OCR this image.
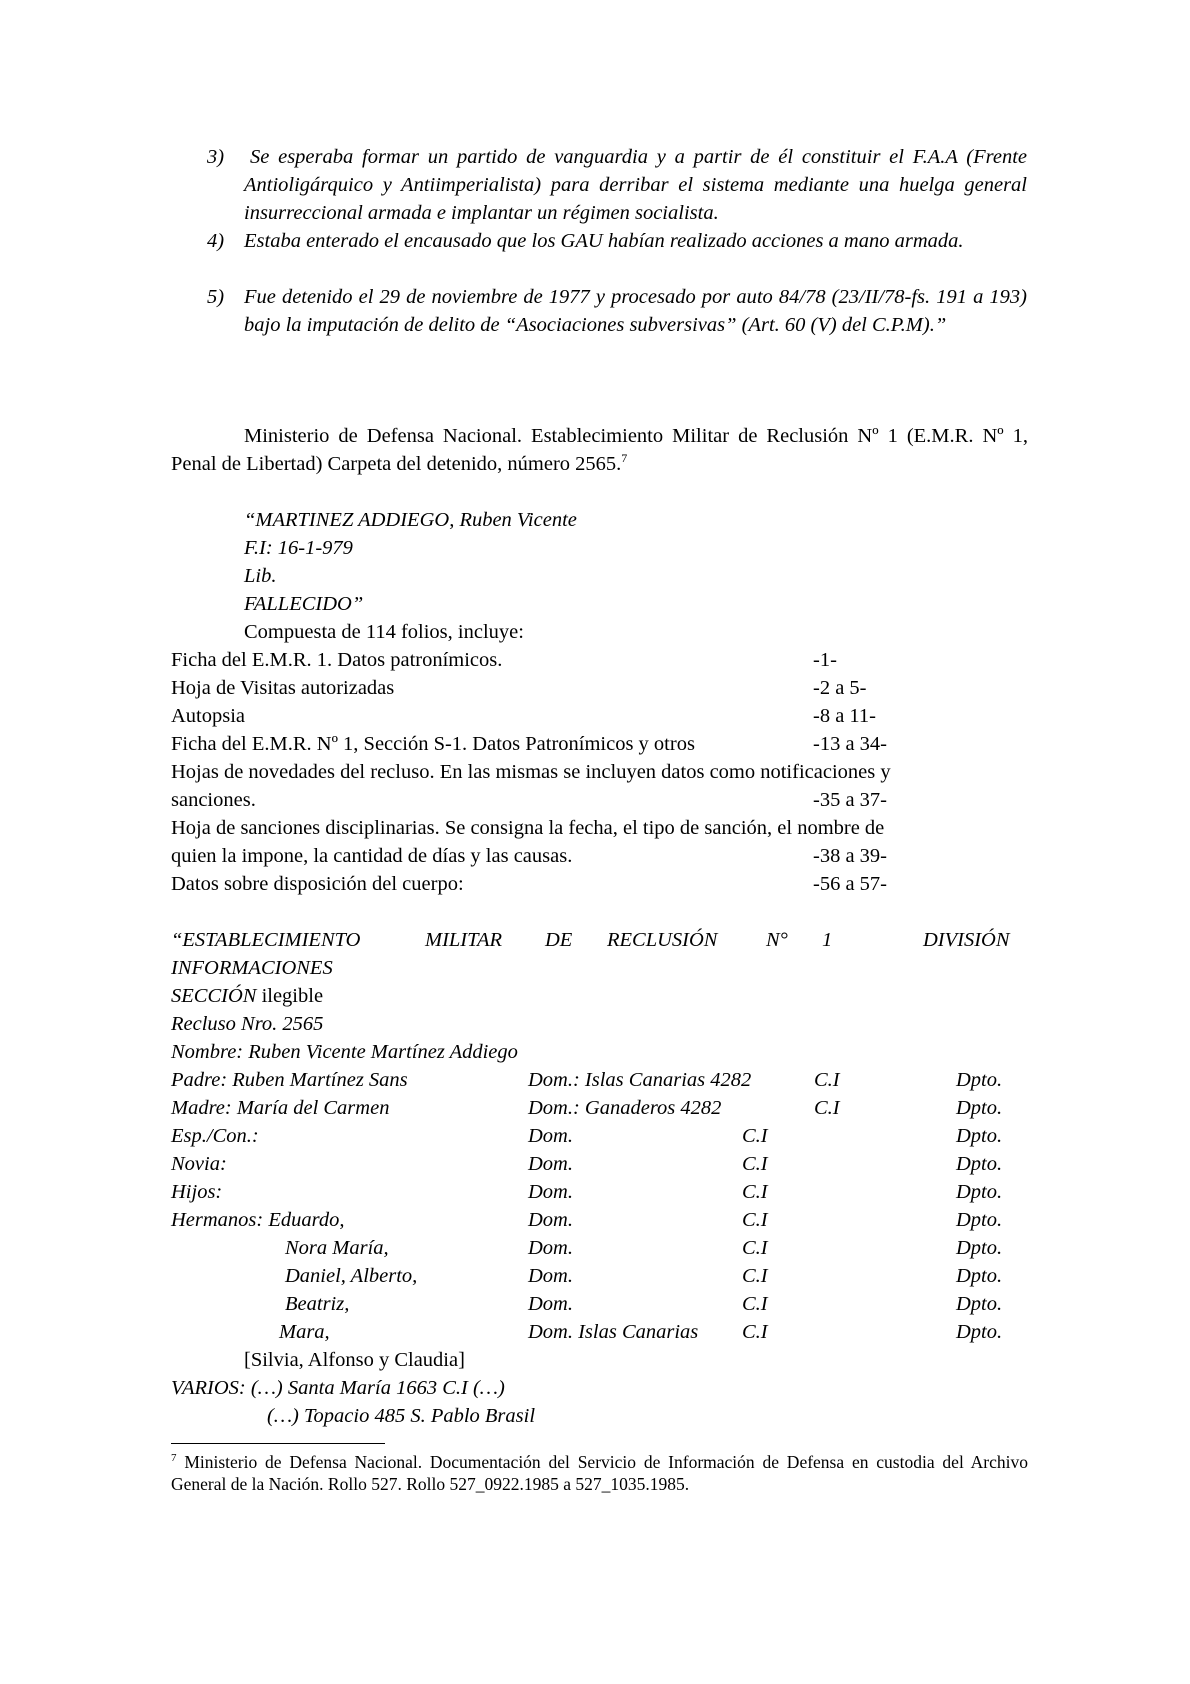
3) Se esperaba formar un partido de vanguardia y a partir de él constituir el F.A.A (Frente Antioligárquico y Antiimperialista) para derribar el sistema mediante una huelga general insurreccional armada e implantar un régimen socialista.
4) Estaba enterado el encausado que los GAU habían realizado acciones a mano armada.
5) Fue detenido el 29 de noviembre de 1977 y procesado por auto 84/78 (23/II/78-fs. 191 a 193) bajo la imputación de delito de “Asociaciones subversivas” (Art. 60 (V) del C.P.M).”
Ministerio de Defensa Nacional. Establecimiento Militar de Reclusión Nº 1 (E.M.R. Nº 1, Penal de Libertad) Carpeta del detenido, número 2565.$^7$
“MARTINEZ ADDIEGO, Ruben Vicente
F.I: 16-1-979
Lib.
FALLECIDO”
Compuesta de 114 folios, incluye:
Ficha del E.M.R. 1. Datos patronímicos.	-1-
Hoja de Visitas autorizadas	-2 a 5-
Autopsia	-8 a 11-
Ficha del E.M.R. Nº 1, Sección S-1. Datos Patronímicos y otros	-13 a 34-
Hojas de novedades del recluso. En las mismas se incluyen datos como notificaciones y
sanciones.	-35 a 37-
Hoja de sanciones disciplinarias. Se consigna la fecha, el tipo de sanción, el nombre de
quien la impone, la cantidad de días y las causas.	-38 a 39-
Datos sobre disposición del cuerpo:	-56 a 57-
“ESTABLECIMIENTO	MILITAR DE RECLUSIÓN N° 1	DIVISIÓN
INFORMACIONES
SECCIÓN ilegible
Recluso Nro. 2565
Nombre: Ruben Vicente Martínez Addiego
Padre: Ruben Martínez Sans	Dom.: Islas Canarias 4282	C.I	Dpto.
Madre: María del Carmen	Dom.: Ganaderos 4282	C.I	Dpto.
Esp./Con.:	Dom.	C.I	Dpto.
Novia:	Dom.	C.I	Dpto.
Hijos:	Dom.	C.I	Dpto.
Hermanos: Eduardo,	Dom.	C.I	Dpto.
Nora María,	Dom.	C.I	Dpto.
Daniel, Alberto,	Dom.	C.I	Dpto.
Beatriz,	Dom.	C.I	Dpto.
Mara,	Dom. Islas Canarias C.I	Dpto.
[Silvia, Alfonso y Claudia]
VARIOS: (…) Santa María 1663 C.I (…)
(…) Topacio 485 S. Pablo Brasil
$^7$ Ministerio de Defensa Nacional. Documentación del Servicio de Información de Defensa en custodia del Archivo General de la Nación. Rollo 527. Rollo 527_0922.1985 a 527_1035.1985.
